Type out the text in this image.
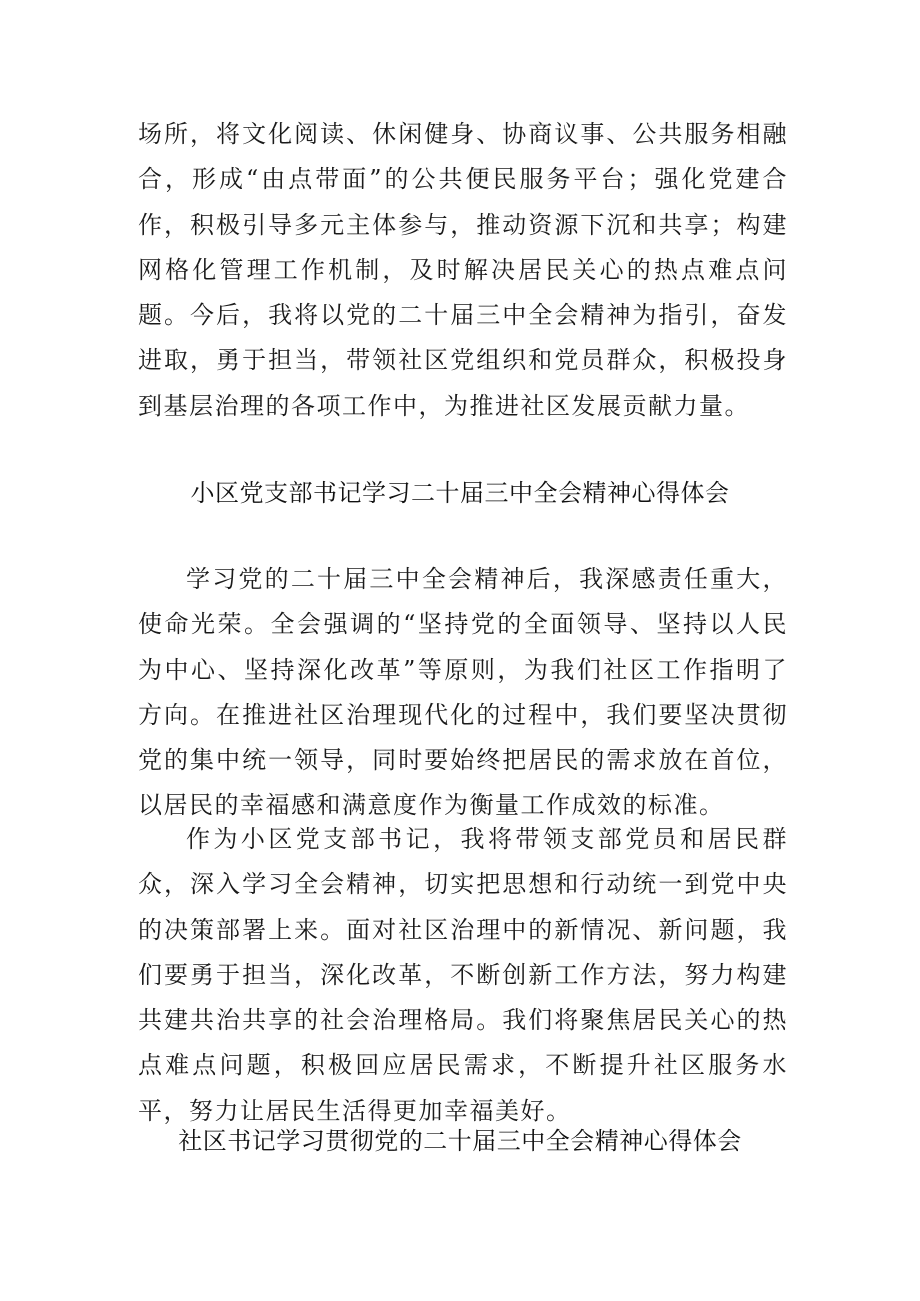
场所，将文化阅读、休闲健身、协商议事、公共服务相融合，形成“由点带面”的公共便民服务平台；强化党建合作，积极引导多元主体参与，推动资源下沉和共享；构建网格化管理工作机制，及时解决居民关心的热点难点问题。今后，我将以党的二十届三中全会精神为指引，奋发进取，勇于担当，带领社区党组织和党员群众，积极投身到基层治理的各项工作中，为推进社区发展贡献力量。

小区党支部书记学习二十届三中全会精神心得体会

学习党的二十届三中全会精神后，我深感责任重大，使命光荣。全会强调的“坚持党的全面领导、坚持以人民为中心、坚持深化改革”等原则，为我们社区工作指明了方向。在推进社区治理现代化的过程中，我们要坚决贯彻党的集中统一领导，同时要始终把居民的需求放在首位，以居民的幸福感和满意度作为衡量工作成效的标准。

作为小区党支部书记，我将带领支部党员和居民群众，深入学习全会精神，切实把思想和行动统一到党中央的决策部署上来。面对社区治理中的新情况、新问题，我们要勇于担当，深化改革，不断创新工作方法，努力构建共建共治共享的社会治理格局。我们将聚焦居民关心的热点难点问题，积极回应居民需求，不断提升社区服务水平，努力让居民生活得更加幸福美好。

社区书记学习贯彻党的二十届三中全会精神心得体会
